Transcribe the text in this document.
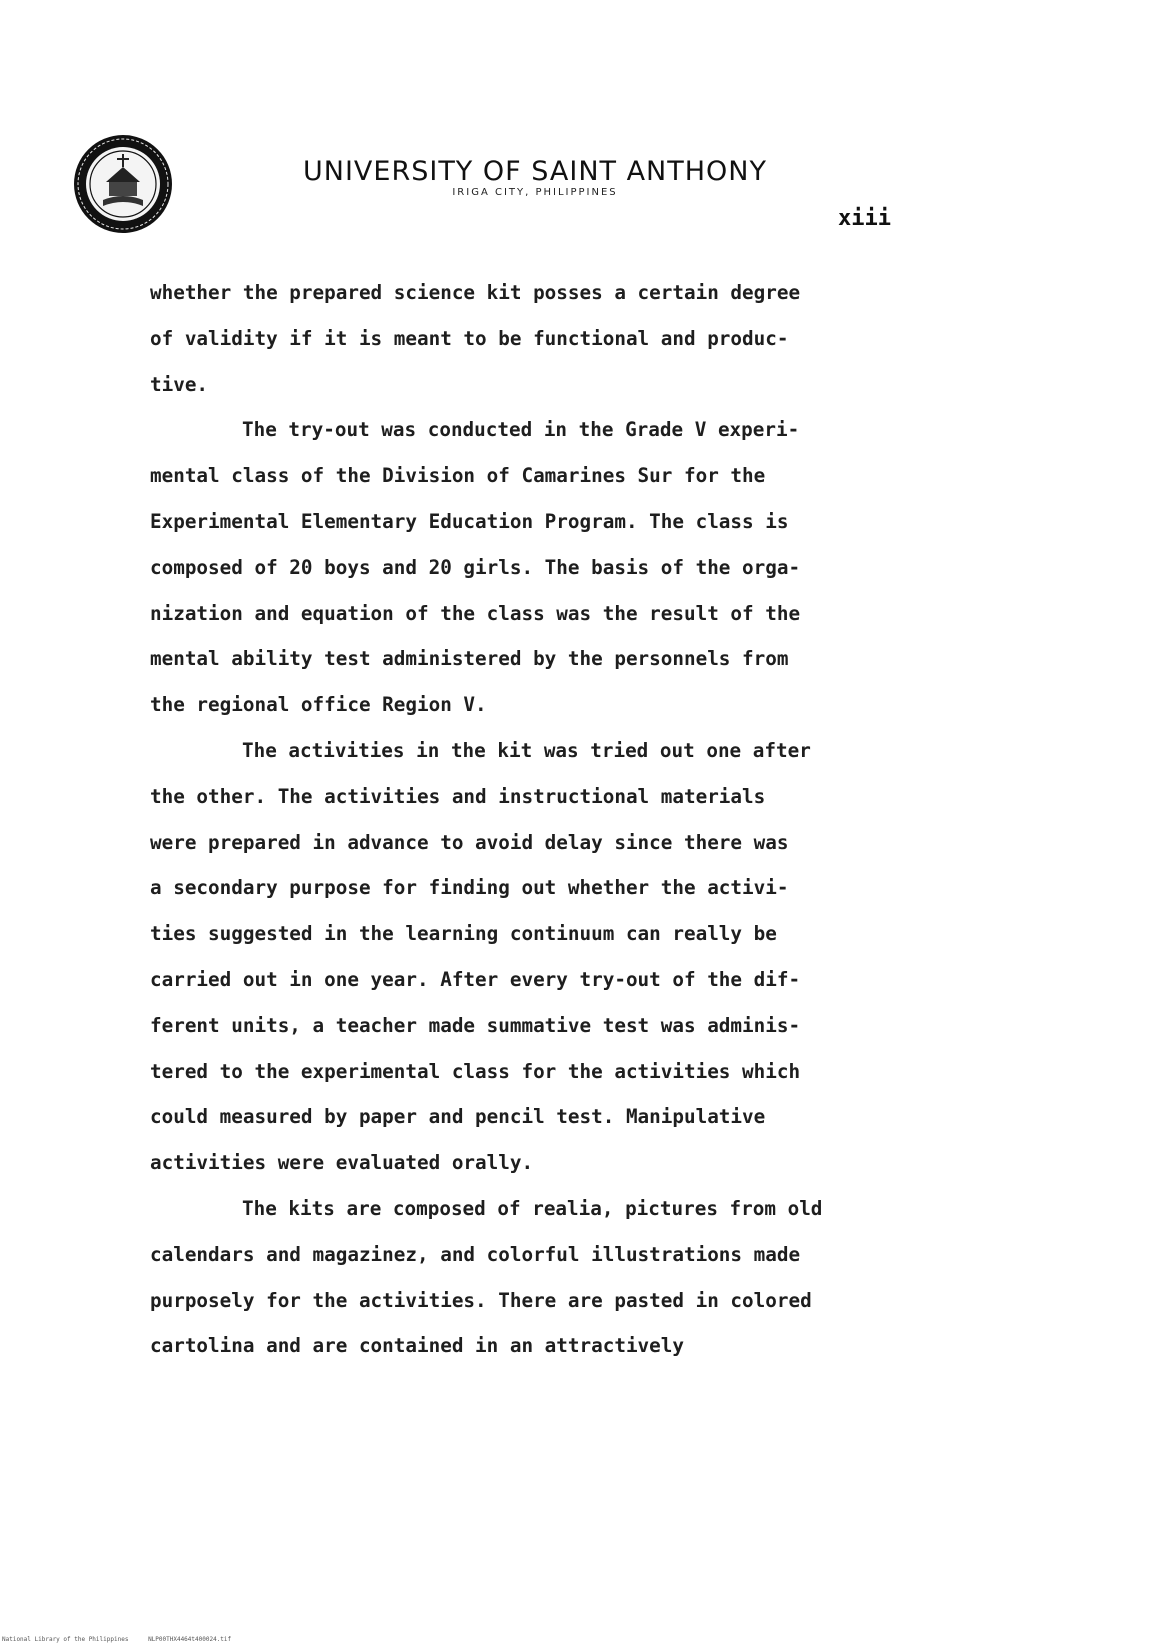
UNIVERSITY OF SAINT ANTHONY
IRIGA CITY, PHILIPPINES
xiii
whether the prepared science kit posses a certain degree
of validity if it is meant to be functional and produc-
tive.
The try-out was conducted in the Grade V experi-
mental class of the Division of Camarines Sur for the
Experimental Elementary Education Program. The class is
composed of 20 boys and 20 girls. The basis of the orga-
nization and equation of the class was the result of the
mental ability test administered by the personnels from
the regional office Region V.
The activities in the kit was tried out one after
the other. The activities and instructional materials
were prepared in advance to avoid delay since there was
a secondary purpose for finding out whether the activi-
ties suggested in the learning continuum can really be
carried out in one year. After every try-out of the dif-
ferent units, a teacher made summative test was adminis-
tered to the experimental class for the activities which
could measured by paper and pencil test. Manipulative
activities were evaluated orally.
The kits are composed of realia, pictures from old
calendars and magazinez, and colorful illustrations made
purposely for the activities. There are pasted in colored
cartolina and are contained in an attractively
National Library of the Philippines	NLP00THX4464t400024.tif
